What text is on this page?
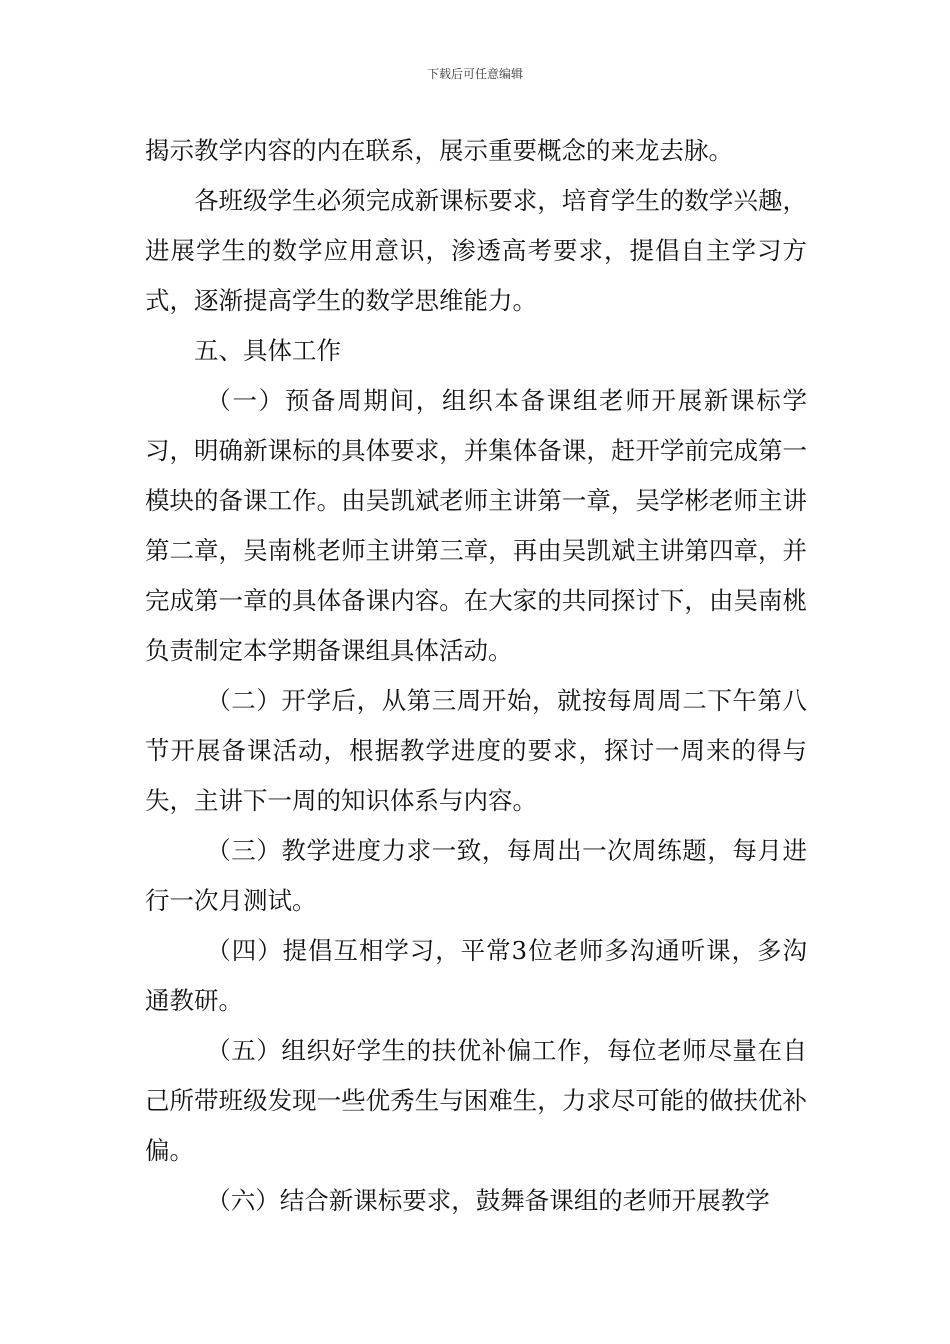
下载后可任意编辑

揭示教学内容的内在联系，展示重要概念的来龙去脉。

各班级学生必须完成新课标要求，培育学生的数学兴趣，进展学生的数学应用意识，渗透高考要求，提倡自主学习方式，逐渐提高学生的数学思维能力。

五、具体工作

（一）预备周期间，组织本备课组老师开展新课标学习，明确新课标的具体要求，并集体备课，赶开学前完成第一模块的备课工作。由吴凯斌老师主讲第一章，吴学彬老师主讲第二章，吴南桃老师主讲第三章，再由吴凯斌主讲第四章，并完成第一章的具体备课内容。在大家的共同探讨下，由吴南桃负责制定本学期备课组具体活动。

（二）开学后，从第三周开始，就按每周周二下午第八节开展备课活动，根据教学进度的要求，探讨一周来的得与失，主讲下一周的知识体系与内容。

（三）教学进度力求一致，每周出一次周练题，每月进行一次月测试。

（四）提倡互相学习，平常3位老师多沟通听课，多沟通教研。

（五）组织好学生的扶优补偏工作，每位老师尽量在自己所带班级发现一些优秀生与困难生，力求尽可能的做扶优补偏。

（六）结合新课标要求，鼓舞备课组的老师开展教学
